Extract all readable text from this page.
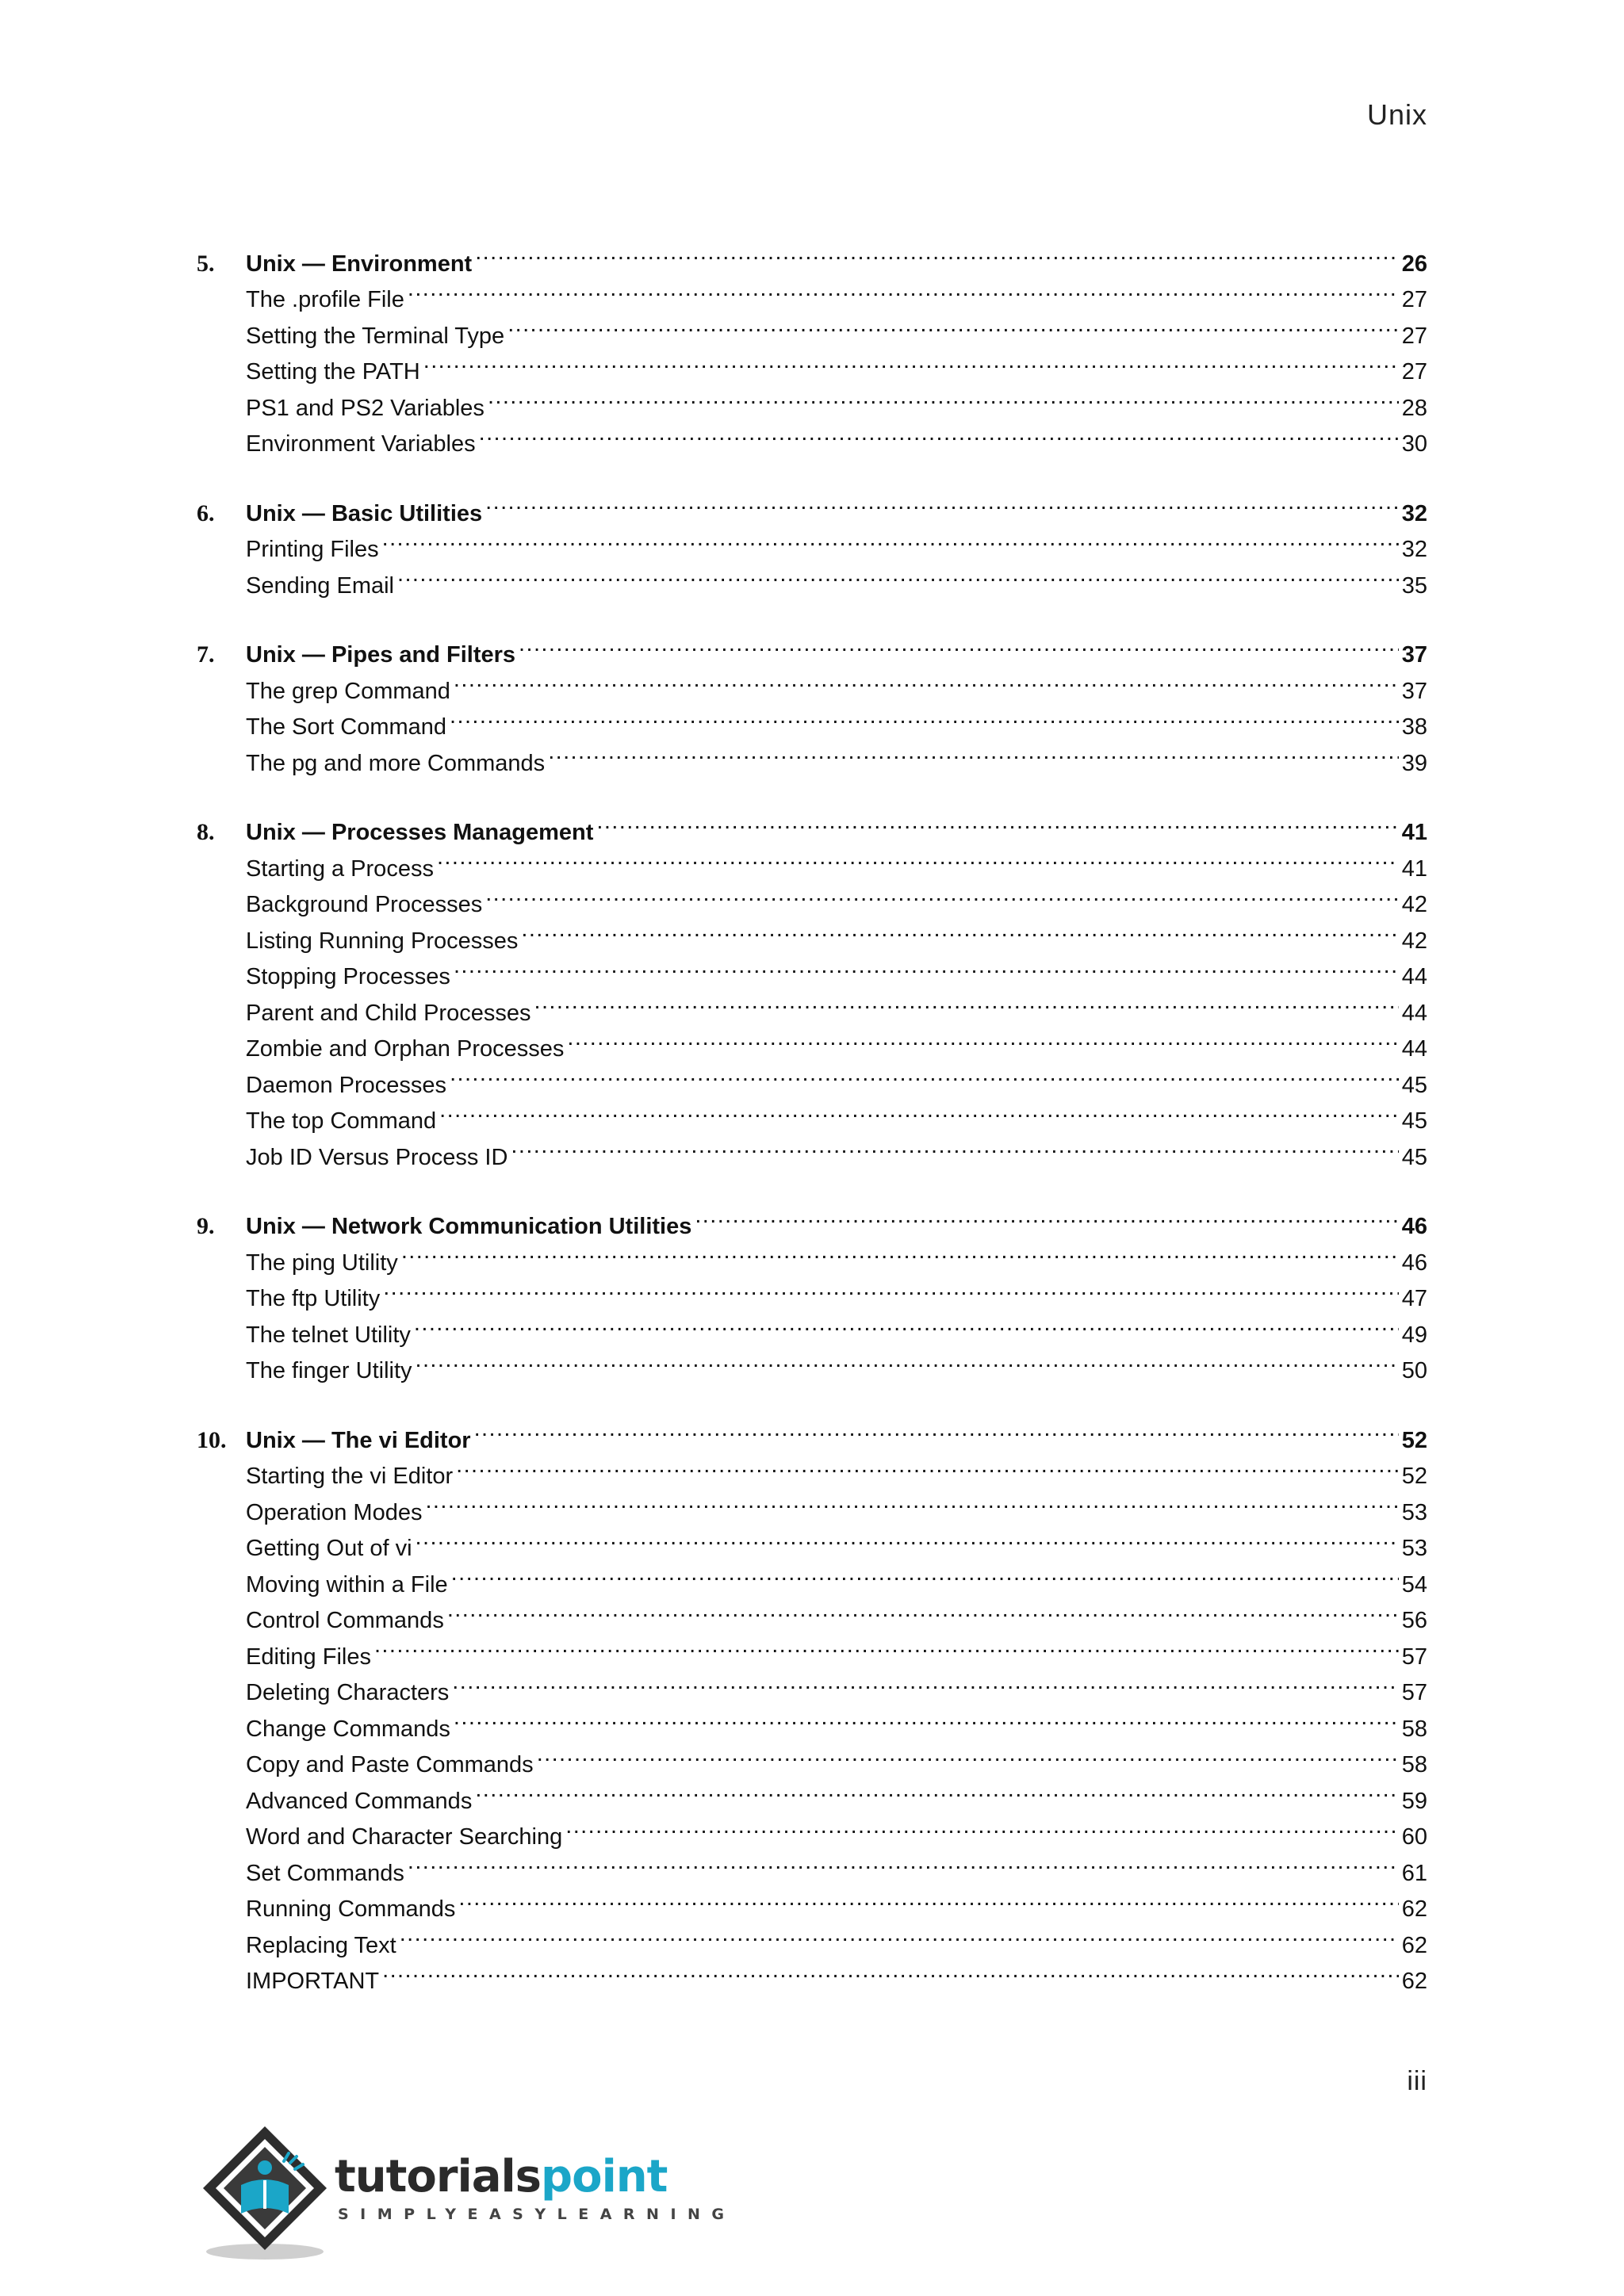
Unix
5.	Unix — Environment .....	26
The .profile File .....	27
Setting the Terminal Type .....	27
Setting the PATH .....	27
PS1 and PS2 Variables .....	28
Environment Variables .....	30
6.	Unix — Basic Utilities .....	32
Printing Files .....	32
Sending Email .....	35
7.	Unix — Pipes and Filters .....	37
The grep Command .....	37
The Sort Command .....	38
The pg and more Commands .....	39
8.	Unix — Processes Management .....	41
Starting a Process .....	41
Background Processes .....	42
Listing Running Processes .....	42
Stopping Processes .....	44
Parent and Child Processes .....	44
Zombie and Orphan Processes .....	44
Daemon Processes .....	45
The top Command .....	45
Job ID Versus Process ID .....	45
9.	Unix — Network Communication Utilities .....	46
The ping Utility .....	46
The ftp Utility .....	47
The telnet Utility .....	49
The finger Utility .....	50
10. Unix — The vi Editor .....	52
Starting the vi Editor .....	52
Operation Modes .....	53
Getting Out of vi .....	53
Moving within a File .....	54
Control Commands .....	56
Editing Files .....	57
Deleting Characters .....	57
Change Commands .....	58
Copy and Paste Commands .....	58
Advanced Commands .....	59
Word and Character Searching .....	60
Set Commands .....	61
Running Commands .....	62
Replacing Text .....	62
IMPORTANT .....	62
iii
tutorialspoint
SIMPLYEASYLEARNING
